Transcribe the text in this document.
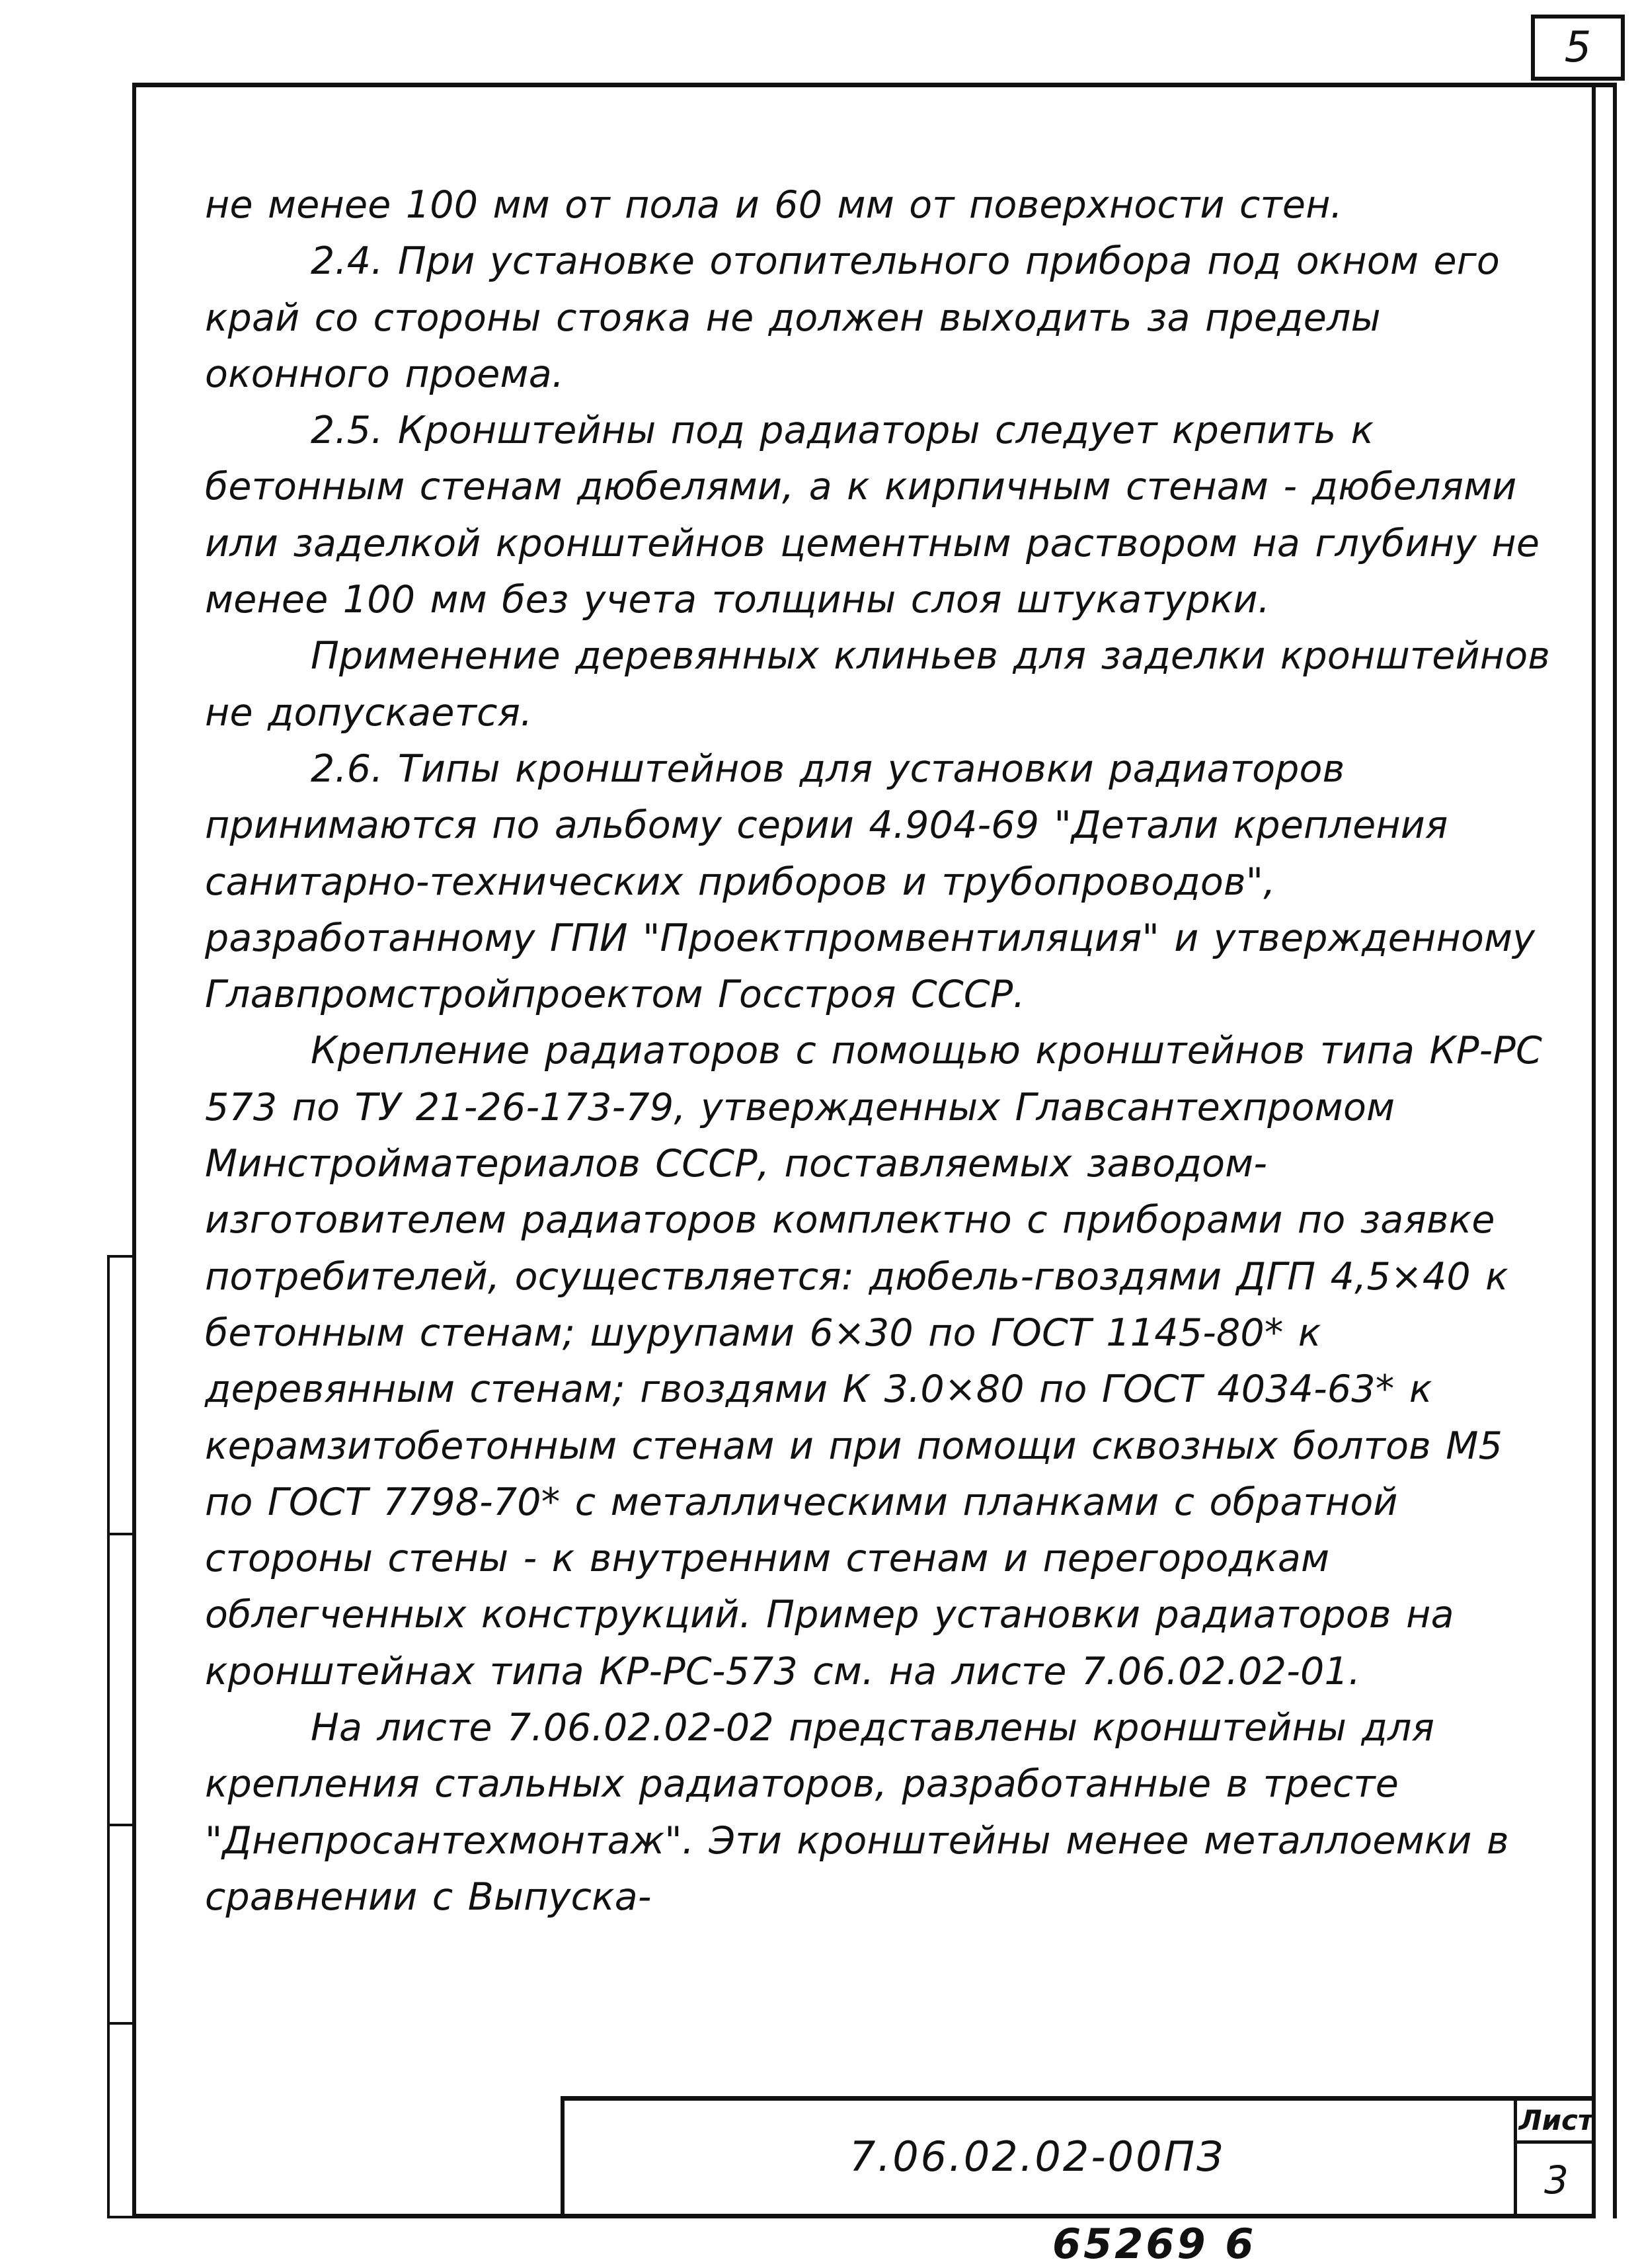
5

не менее 100 мм от пола и 60 мм от поверхности стен.

2.4. При установке отопительного прибора под окном его край со стороны стояка не должен выходить за пределы оконного проема.

2.5. Кронштейны под радиаторы следует крепить к бетонным стенам дюбелями, а к кирпичным стенам - дюбелями или заделкой кронштейнов цементным раствором на глубину не менее 100 мм без учета толщины слоя штукатурки.

Применение деревянных клиньев для заделки кронштейнов не допускается.

2.6. Типы кронштейнов для установки радиаторов принимаются по альбому серии 4.904-69 "Детали крепления санитарно-технических приборов и трубопроводов", разработанному ГПИ "Проектпромвентиляция" и утвержденному Главпромстройпроектом Госстроя СССР.

Крепление радиаторов с помощью кронштейнов типа КР-РС 573 по ТУ 21-26-173-79, утвержденных Главсантехпромом Минстройматериалов СССР, поставляемых заводом-изготовителем радиаторов комплектно с приборами по заявке потребителей, осуществляется: дюбель-гвоздями ДГП 4,5×40 к бетонным стенам; шурупами 6×30 по ГОСТ 1145-80* к деревянным стенам; гвоздями К 3.0×80 по ГОСТ 4034-63* к керамзитобетонным стенам и при помощи сквозных болтов М5 по ГОСТ 7798-70* с металлическими планками с обратной стороны стены - к внутренним стенам и перегородкам облегченных конструкций. Пример установки радиаторов на кронштейнах типа КР-РС-573 см. на листе 7.06.02.02-01.

На листе 7.06.02.02-02 представлены кронштейны для крепления стальных радиаторов, разработанные в тресте "Днепросантехмонтаж". Эти кронштейны менее металлоемки в сравнении с Выпуска-

7.06.02.02-00ПЗ
Лист
3
65269 6
